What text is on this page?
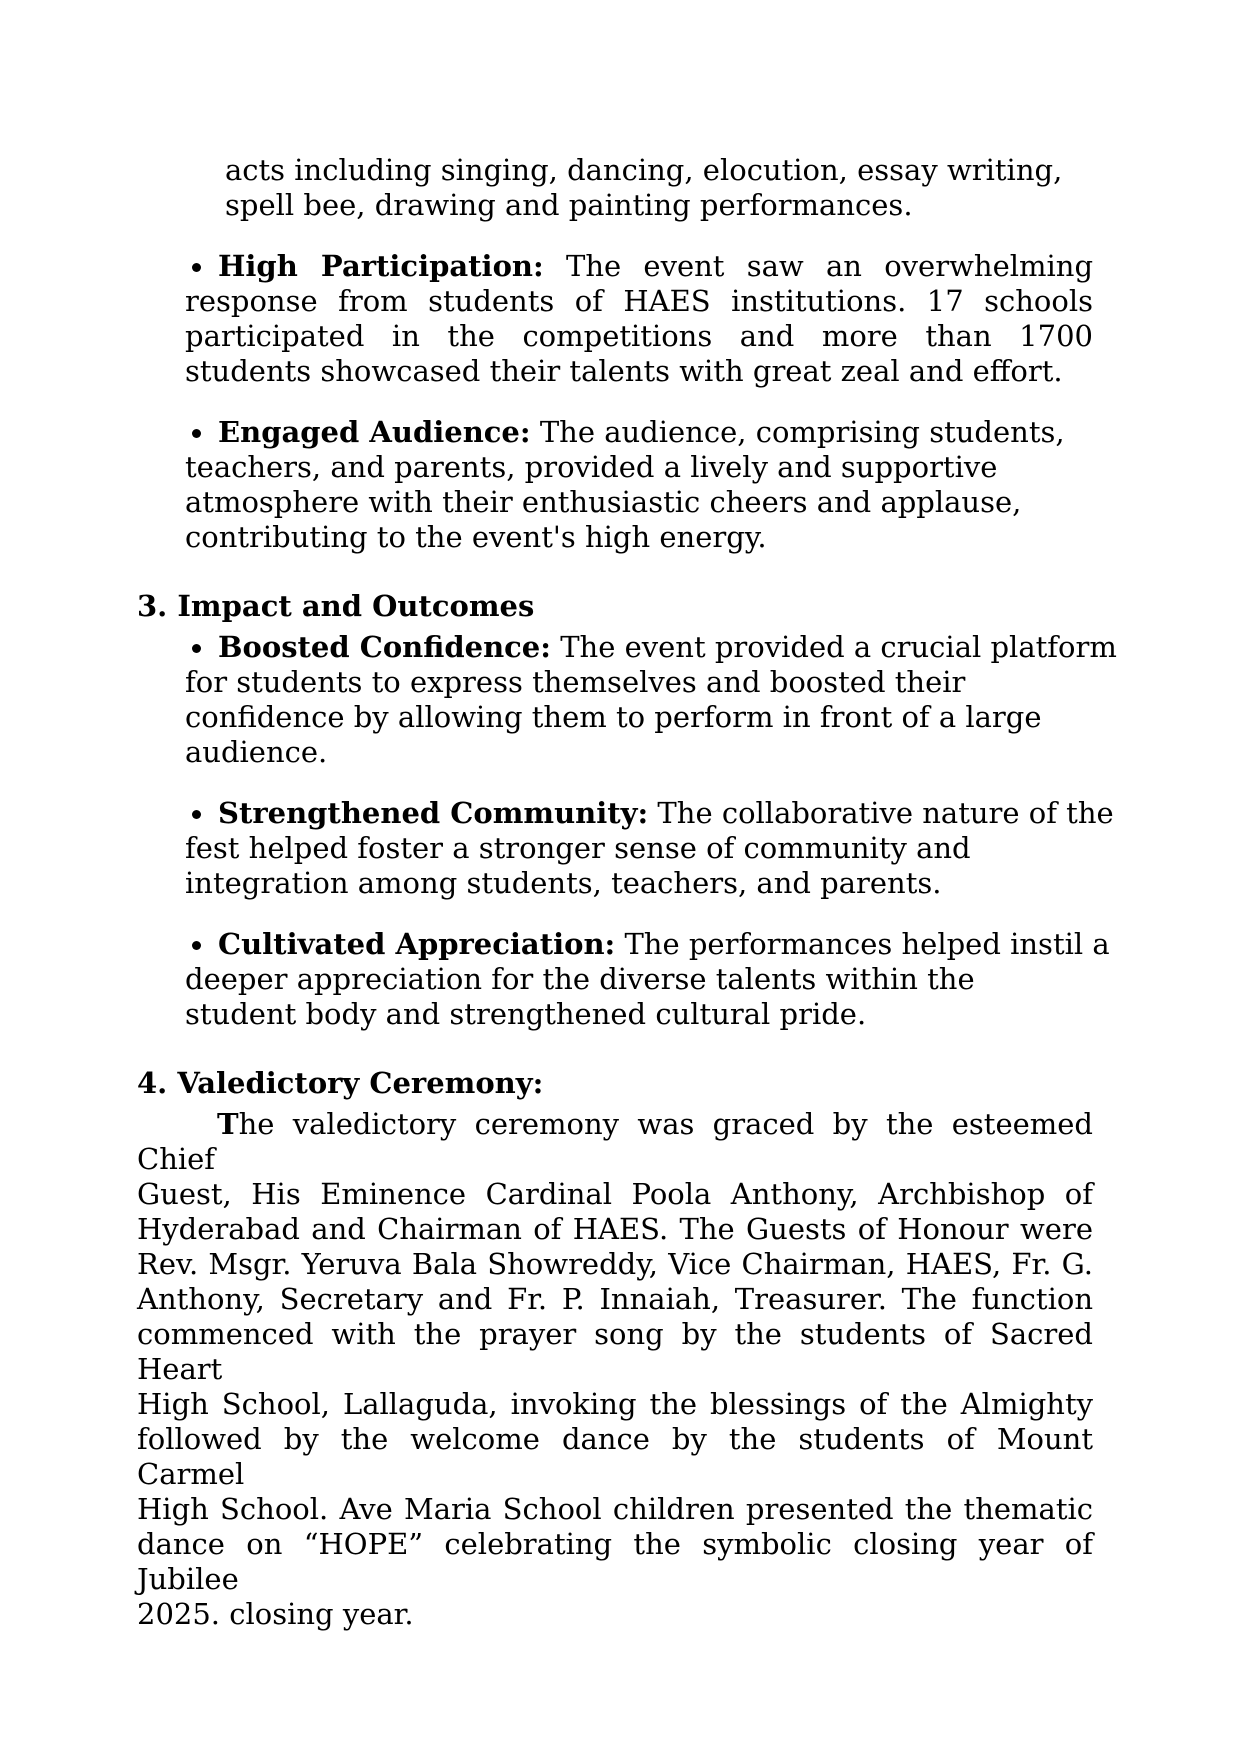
acts including singing, dancing, elocution, essay writing,
spell bee, drawing and painting performances.
High Participation: The event saw an overwhelming
response from students of HAES institutions. 17 schools
participated in the competitions and more than 1700
students showcased their talents with great zeal and effort.
Engaged Audience: The audience, comprising students,
teachers, and parents, provided a lively and supportive
atmosphere with their enthusiastic cheers and applause,
contributing to the event's high energy.
3. Impact and Outcomes
Boosted Confidence: The event provided a crucial platform
for students to express themselves and boosted their
confidence by allowing them to perform in front of a large
audience.
Strengthened Community: The collaborative nature of the
fest helped foster a stronger sense of community and
integration among students, teachers, and parents.
Cultivated Appreciation: The performances helped instil a
deeper appreciation for the diverse talents within the
student body and strengthened cultural pride.
4. Valedictory Ceremony:
The valedictory ceremony was graced by the esteemed Chief
Guest, His Eminence Cardinal Poola Anthony, Archbishop of
Hyderabad and Chairman of HAES. The Guests of Honour were
Rev. Msgr. Yeruva Bala Showreddy, Vice Chairman, HAES, Fr. G.
Anthony, Secretary and Fr. P. Innaiah, Treasurer. The function
commenced with the prayer song by the students of Sacred Heart
High School, Lallaguda, invoking the blessings of the Almighty
followed by the welcome dance by the students of Mount Carmel
High School. Ave Maria School children presented the thematic
dance on “HOPE” celebrating the symbolic closing year of Jubilee
2025. closing year.
